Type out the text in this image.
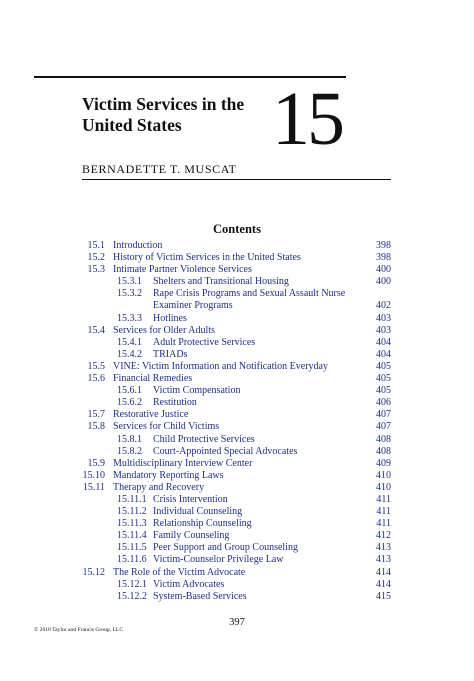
Victim Services in the United States	15
BERNADETTE T. MUSCAT
Contents
15.1 Introduction	398
15.2 History of Victim Services in the United States	398
15.3 Intimate Partner Violence Services	400
15.3.1 Shelters and Transitional Housing	400
15.3.2 Rape Crisis Programs and Sexual Assault Nurse Examiner Programs	402
15.3.3 Hotlines	403
15.4 Services for Older Adults	403
15.4.1 Adult Protective Services	404
15.4.2 TRIADs	404
15.5 VINE: Victim Information and Notification Everyday	405
15.6 Financial Remedies	405
15.6.1 Victim Compensation	405
15.6.2 Restitution	406
15.7 Restorative Justice	407
15.8 Services for Child Victims	407
15.8.1 Child Protective Services	408
15.8.2 Court-Appointed Special Advocates	408
15.9 Multidisciplinary Interview Center	409
15.10 Mandatory Reporting Laws	410
15.11 Therapy and Recovery	410
15.11.1 Crisis Intervention	411
15.11.2 Individual Counseling	411
15.11.3 Relationship Counseling	411
15.11.4 Family Counseling	412
15.11.5 Peer Support and Group Counseling	413
15.11.6 Victim-Counselor Privilege Law	413
15.12 The Role of the Victim Advocate	414
15.12.1 Victim Advocates	414
15.12.2 System-Based Services	415
397
© 2010 Taylor and Francis Group, LLC
